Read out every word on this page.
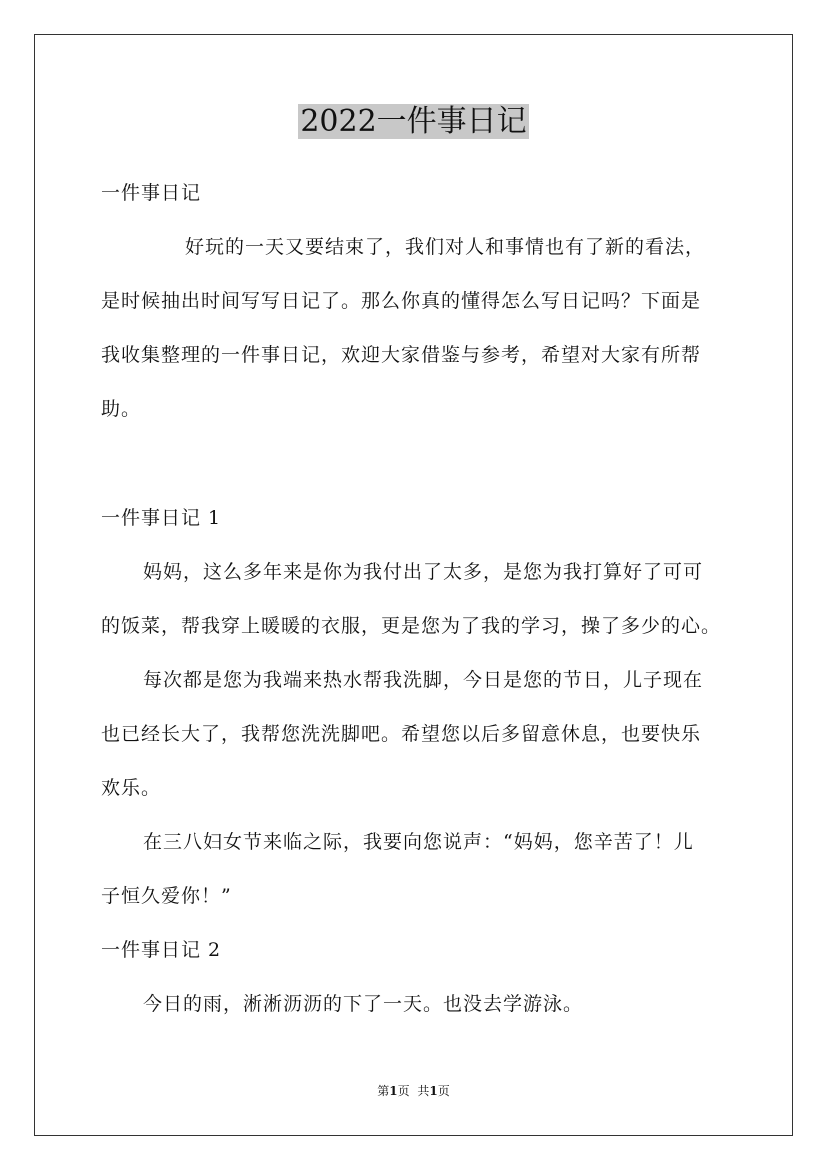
2022一件事日记
一件事日记
好玩的一天又要结束了，我们对人和事情也有了新的看法，
是时候抽出时间写写日记了。那么你真的懂得怎么写日记吗？下面是
我收集整理的一件事日记，欢迎大家借鉴与参考，希望对大家有所帮
助。
一件事日记 1
妈妈，这么多年来是你为我付出了太多，是您为我打算好了可可
的饭菜，帮我穿上暖暖的衣服，更是您为了我的学习，操了多少的心。
每次都是您为我端来热水帮我洗脚，今日是您的节日，儿子现在
也已经长大了，我帮您洗洗脚吧。希望您以后多留意休息，也要快乐
欢乐。
在三八妇女节来临之际，我要向您说声：“妈妈，您辛苦了！儿
子恒久爱你！”
一件事日记 2
今日的雨，淅淅沥沥的下了一天。也没去学游泳。
第1页 共1页
